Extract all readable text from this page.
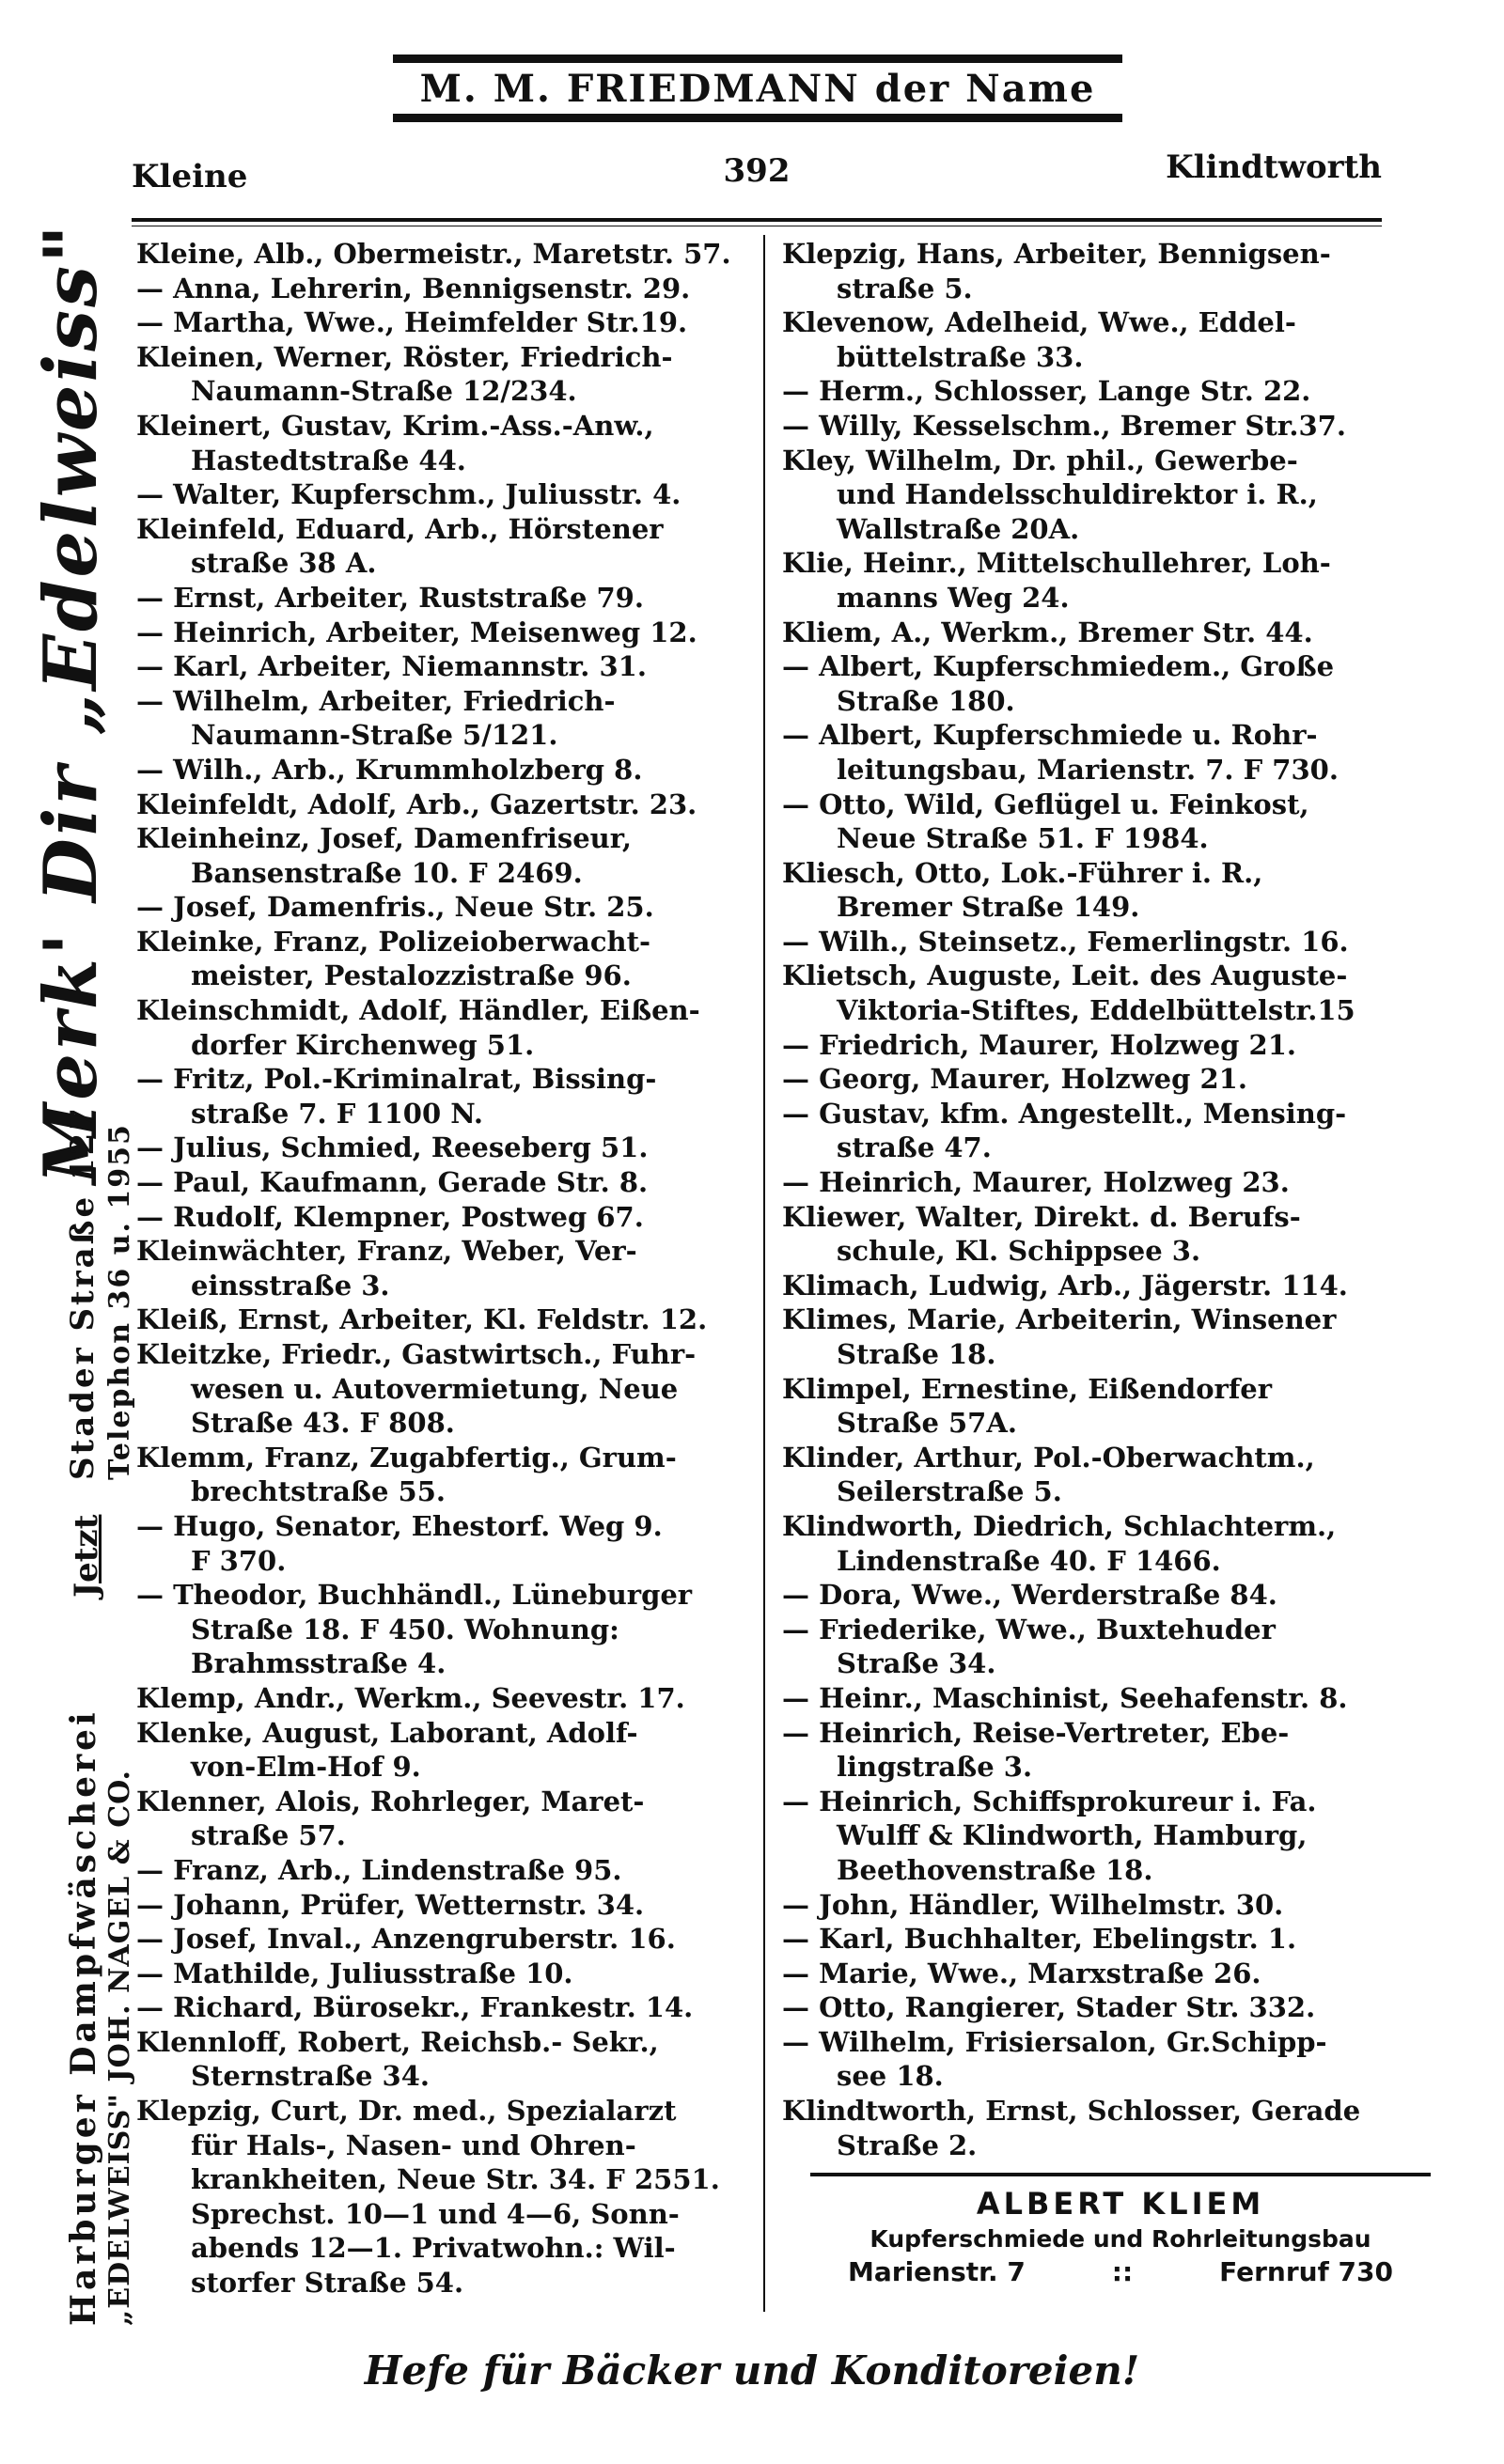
M. M. FRIEDMANN der Name
Kleine	392	Klindtworth
Merk' Dir „Edelweiss"
Harburger Dampfwäscherei „EDELWEISS" JOH. NAGEL & CO.
Jetzt
Stader Straße 127 Telephon 36 u. 1955
Kleine, Alb., Obermeistr., Maretstr. 57.
— Anna, Lehrerin, Bennigsenstr. 29.
— Martha, Wwe., Heimfelder Str.19.
Kleinen, Werner, Röster, Friedrich-
Naumann-Straße 12/234.
Kleinert, Gustav, Krim.-Ass.-Anw.,
Hastedtstraße 44.
— Walter, Kupferschm., Juliusstr. 4.
Kleinfeld, Eduard, Arb., Hörstener
straße 38 A.
— Ernst, Arbeiter, Ruststraße 79.
— Heinrich, Arbeiter, Meisenweg 12.
— Karl, Arbeiter, Niemannstr. 31.
— Wilhelm, Arbeiter, Friedrich-
Naumann-Straße 5/121.
— Wilh., Arb., Krummholzberg 8.
Kleinfeldt, Adolf, Arb., Gazertstr. 23.
Kleinheinz, Josef, Damenfriseur,
Bansenstraße 10. F 2469.
— Josef, Damenfris., Neue Str. 25.
Kleinke, Franz, Polizeioberwacht-
meister, Pestalozzistraße 96.
Kleinschmidt, Adolf, Händler, Eißen-
dorfer Kirchenweg 51.
— Fritz, Pol.-Kriminalrat, Bissing-
straße 7. F 1100 N.
— Julius, Schmied, Reeseberg 51.
— Paul, Kaufmann, Gerade Str. 8.
— Rudolf, Klempner, Postweg 67.
Kleinwächter, Franz, Weber, Ver-
einsstraße 3.
Kleiß, Ernst, Arbeiter, Kl. Feldstr. 12.
Kleitzke, Friedr., Gastwirtsch., Fuhr-
wesen u. Autovermietung, Neue
Straße 43. F 808.
Klemm, Franz, Zugabfertig., Grum-
brechtstraße 55.
— Hugo, Senator, Ehestorf. Weg 9.
F 370.
— Theodor, Buchhändl., Lüneburger
Straße 18. F 450. Wohnung:
Brahmsstraße 4.
Klemp, Andr., Werkm., Seevestr. 17.
Klenke, August, Laborant, Adolf-
von-Elm-Hof 9.
Klenner, Alois, Rohrleger, Maret-
straße 57.
— Franz, Arb., Lindenstraße 95.
— Johann, Prüfer, Wetternstr. 34.
— Josef, Inval., Anzengruberstr. 16.
— Mathilde, Juliusstraße 10.
— Richard, Bürosekr., Frankestr. 14.
Klennloff, Robert, Reichsb.- Sekr.,
Sternstraße 34.
Klepzig, Curt, Dr. med., Spezialarzt
für Hals-, Nasen- und Ohren-
krankheiten, Neue Str. 34. F 2551.
Sprechst. 10—1 und 4—6, Sonn-
abends 12—1. Privatwohn.: Wil-
storfer Straße 54.
Klepzig, Hans, Arbeiter, Bennigsen-
straße 5.
Klevenow, Adelheid, Wwe., Eddel-
büttelstraße 33.
— Herm., Schlosser, Lange Str. 22.
— Willy, Kesselschm., Bremer Str.37.
Kley, Wilhelm, Dr. phil., Gewerbe-
und Handelsschuldirektor i. R.,
Wallstraße 20A.
Klie, Heinr., Mittelschullehrer, Loh-
manns Weg 24.
Kliem, A., Werkm., Bremer Str. 44.
— Albert, Kupferschmiedem., Große
Straße 180.
— Albert, Kupferschmiede u. Rohr-
leitungsbau, Marienstr. 7. F 730.
— Otto, Wild, Geflügel u. Feinkost,
Neue Straße 51. F 1984.
Kliesch, Otto, Lok.-Führer i. R.,
Bremer Straße 149.
— Wilh., Steinsetz., Femerlingstr. 16.
Klietsch, Auguste, Leit. des Auguste-
Viktoria-Stiftes, Eddelbüttelstr.15
— Friedrich, Maurer, Holzweg 21.
— Georg, Maurer, Holzweg 21.
— Gustav, kfm. Angestellt., Mensing-
straße 47.
— Heinrich, Maurer, Holzweg 23.
Kliewer, Walter, Direkt. d. Berufs-
schule, Kl. Schippsee 3.
Klimach, Ludwig, Arb., Jägerstr. 114.
Klimes, Marie, Arbeiterin, Winsener
Straße 18.
Klimpel, Ernestine, Eißendorfer
Straße 57A.
Klinder, Arthur, Pol.-Oberwachtm.,
Seilerstraße 5.
Klindworth, Diedrich, Schlachterm.,
Lindenstraße 40. F 1466.
— Dora, Wwe., Werderstraße 84.
— Friederike, Wwe., Buxtehuder
Straße 34.
— Heinr., Maschinist, Seehafenstr. 8.
— Heinrich, Reise-Vertreter, Ebe-
lingstraße 3.
— Heinrich, Schiffsprokureur i. Fa.
Wulff & Klindworth, Hamburg,
Beethovenstraße 18.
— John, Händler, Wilhelmstr. 30.
— Karl, Buchhalter, Ebelingstr. 1.
— Marie, Wwe., Marxstraße 26.
— Otto, Rangierer, Stader Str. 332.
— Wilhelm, Frisiersalon, Gr.Schipp-
see 18.
Klindtworth, Ernst, Schlosser, Gerade
Straße 2.
ALBERT KLIEM
Kupferschmiede und Rohrleitungsbau
Marienstr. 7	::	Fernruf 730
Hefe für Bäcker und Konditoreien!
